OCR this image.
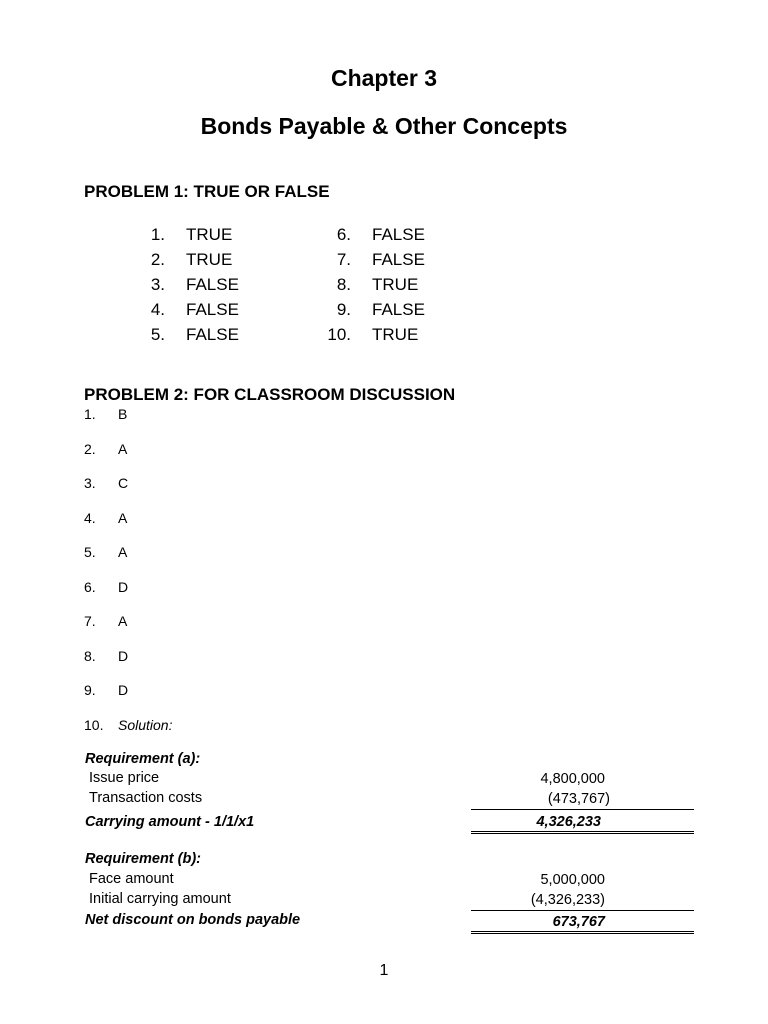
Chapter 3
Bonds Payable & Other Concepts
PROBLEM 1: TRUE OR FALSE
1. TRUE
2. TRUE
3. FALSE
4. FALSE
5. FALSE
6. FALSE
7. FALSE
8. TRUE
9. FALSE
10. TRUE
PROBLEM 2: FOR CLASSROOM DISCUSSION
1. B
2. A
3. C
4. A
5. A
6. D
7. A
8. D
9. D
10. Solution:
Requirement (a):
Issue price	4,800,000
Transaction costs	(473,767)
Carrying amount - 1/1/x1	4,326,233
Requirement (b):
Face amount	5,000,000
Initial carrying amount	(4,326,233)
Net discount on bonds payable	673,767
1
